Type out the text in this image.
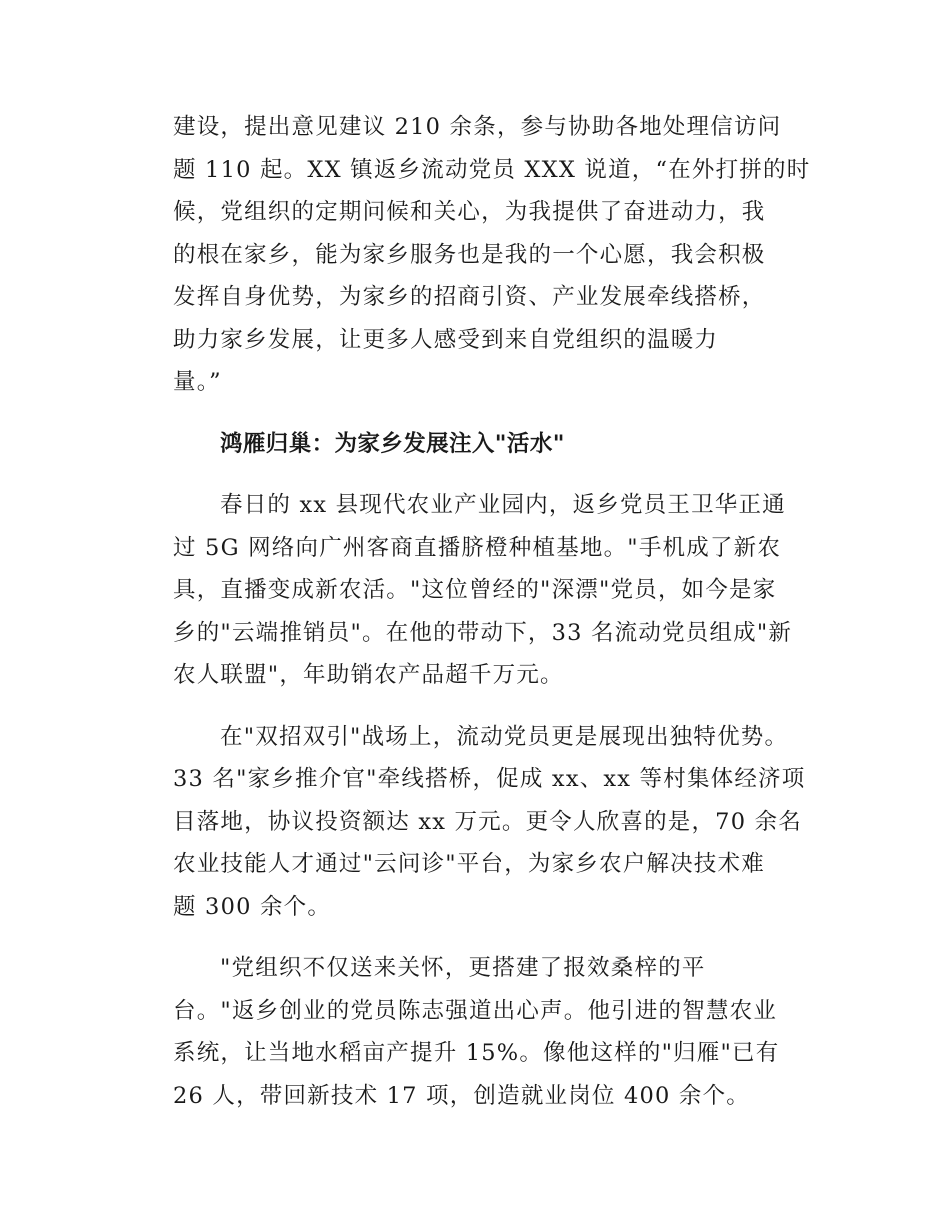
建设，提出意见建议 210 余条，参与协助各地处理信访问
题 110 起。XX 镇返乡流动党员 XXX 说道，“在外打拼的时
候，党组织的定期问候和关心，为我提供了奋进动力，我
的根在家乡，能为家乡服务也是我的一个心愿，我会积极
发挥自身优势，为家乡的招商引资、产业发展牵线搭桥，
助力家乡发展，让更多人感受到来自党组织的温暖力
量。”
鸿雁归巢：为家乡发展注入"活水"
春日的 xx 县现代农业产业园内，返乡党员王卫华正通
过 5G 网络向广州客商直播脐橙种植基地。"手机成了新农
具，直播变成新农活。"这位曾经的"深漂"党员，如今是家
乡的"云端推销员"。在他的带动下，33 名流动党员组成"新
农人联盟"，年助销农产品超千万元。
在"双招双引"战场上，流动党员更是展现出独特优势。
33 名"家乡推介官"牵线搭桥，促成 xx、xx 等村集体经济项
目落地，协议投资额达 xx 万元。更令人欣喜的是，70 余名
农业技能人才通过"云问诊"平台，为家乡农户解决技术难
题 300 余个。
"党组织不仅送来关怀，更搭建了报效桑梓的平
台。"返乡创业的党员陈志强道出心声。他引进的智慧农业
系统，让当地水稻亩产提升 15%。像他这样的"归雁"已有
26 人，带回新技术 17 项，创造就业岗位 400 余个。
